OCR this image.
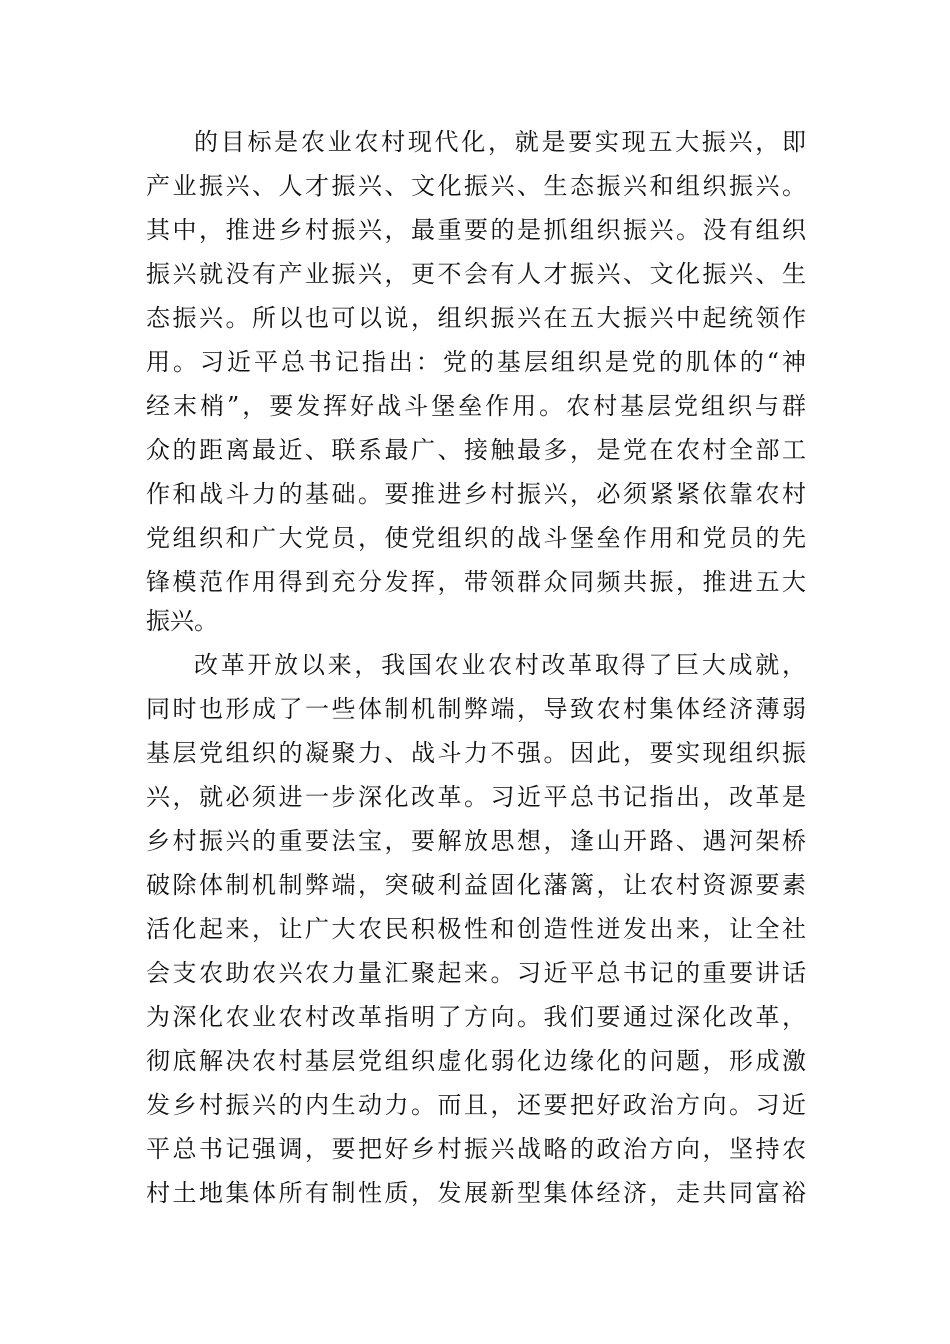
的目标是农业农村现代化，就是要实现五大振兴，即
产业振兴、人才振兴、文化振兴、生态振兴和组织振兴。
其中，推进乡村振兴，最重要的是抓组织振兴。没有组织
振兴就没有产业振兴，更不会有人才振兴、文化振兴、生
态振兴。所以也可以说，组织振兴在五大振兴中起统领作
用。习近平总书记指出：党的基层组织是党的肌体的“神
经末梢”，要发挥好战斗堡垒作用。农村基层党组织与群
众的距离最近、联系最广、接触最多，是党在农村全部工
作和战斗力的基础。要推进乡村振兴，必须紧紧依靠农村
党组织和广大党员，使党组织的战斗堡垒作用和党员的先
锋模范作用得到充分发挥，带领群众同频共振，推进五大
振兴。
改革开放以来，我国农业农村改革取得了巨大成就，
同时也形成了一些体制机制弊端，导致农村集体经济薄弱
基层党组织的凝聚力、战斗力不强。因此，要实现组织振
兴，就必须进一步深化改革。习近平总书记指出，改革是
乡村振兴的重要法宝，要解放思想，逢山开路、遇河架桥
破除体制机制弊端，突破利益固化藩篱，让农村资源要素
活化起来，让广大农民积极性和创造性迸发出来，让全社
会支农助农兴农力量汇聚起来。习近平总书记的重要讲话
为深化农业农村改革指明了方向。我们要通过深化改革，
彻底解决农村基层党组织虚化弱化边缘化的问题，形成激
发乡村振兴的内生动力。而且，还要把好政治方向。习近
平总书记强调，要把好乡村振兴战略的政治方向，坚持农
村土地集体所有制性质，发展新型集体经济，走共同富裕
